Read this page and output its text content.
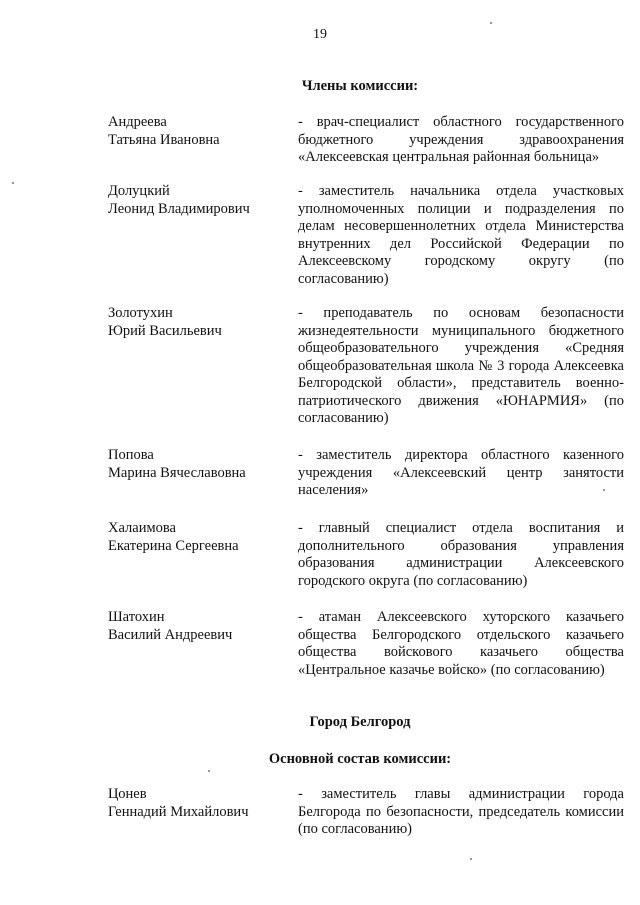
19
Члены комиссии:
Андреева
Татьяна Ивановна
- врач-специалист областного государственного бюджетного учреждения здравоохранения «Алексеевская центральная районная больница»
Долуцкий
Леонид Владимирович
- заместитель начальника отдела участковых уполномоченных полиции и подразделения по делам несовершеннолетних отдела Министерства внутренних дел Российской Федерации по Алексеевскому городскому округу (по согласованию)
Золотухин
Юрий Васильевич
- преподаватель по основам безопасности жизнедеятельности муниципального бюджетного общеобразовательного учреждения «Средняя общеобразовательная школа № 3 города Алексеевка Белгородской области», представитель военно-патриотического движения «ЮНАРМИЯ» (по согласованию)
Попова
Марина Вячеславовна
- заместитель директора областного казенного учреждения «Алексеевский центр занятости населения»
Халаимова
Екатерина Сергеевна
- главный специалист отдела воспитания и дополнительного образования управления образования администрации Алексеевского городского округа (по согласованию)
Шатохин
Василий Андреевич
- атаман Алексеевского хуторского казачьего общества Белгородского отдельского казачьего общества войскового казачьего общества «Центральное казачье войско» (по согласованию)
Город Белгород
Основной состав комиссии:
Цонев
Геннадий Михайлович
- заместитель главы администрации города Белгорода по безопасности, председатель комиссии (по согласованию)
